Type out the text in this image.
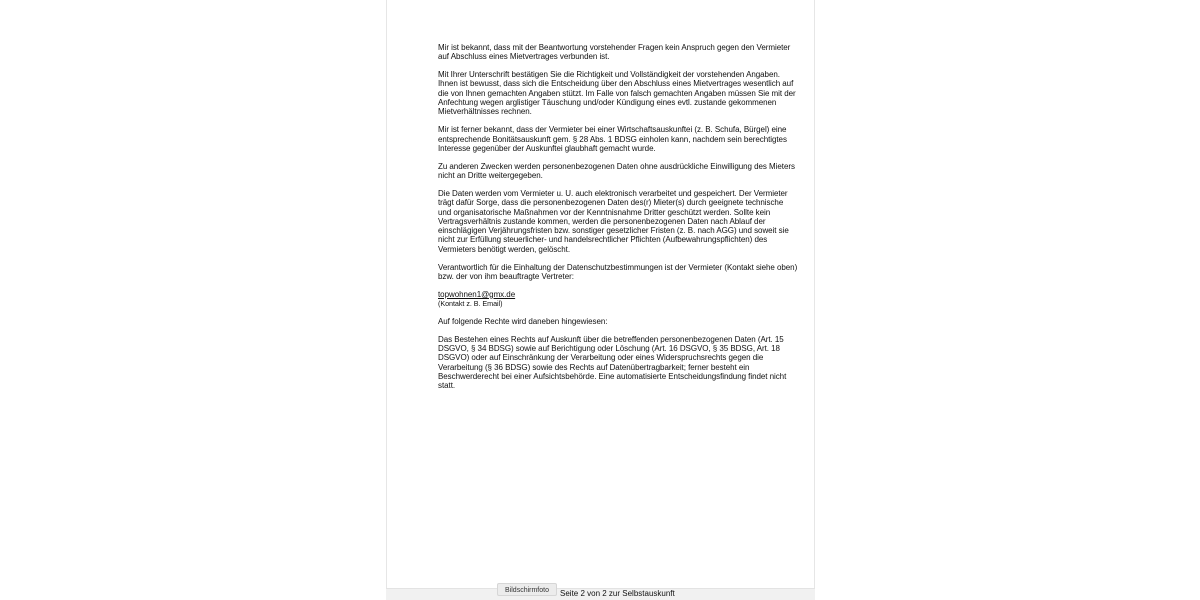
Mir ist bekannt, dass mit der Beantwortung vorstehender Fragen kein Anspruch gegen den Vermieter auf Abschluss eines Mietvertrages verbunden ist.

Mit Ihrer Unterschrift bestätigen Sie die Richtigkeit und Vollständigkeit der vorstehenden Angaben. Ihnen ist bewusst, dass sich die Entscheidung über den Abschluss eines Mietvertrages wesentlich auf die von Ihnen gemachten Angaben stützt. Im Falle von falsch gemachten Angaben müssen Sie mit der Anfechtung wegen arglistiger Täuschung und/oder Kündigung eines evtl. zustande gekommenen Mietverhältnisses rechnen.

Mir ist ferner bekannt, dass der Vermieter bei einer Wirtschaftsauskunftei (z. B. Schufa, Bürgel) eine entsprechende Bonitätsauskunft gem. § 28 Abs. 1 BDSG einholen kann, nachdem sein berechtigtes Interesse gegenüber der Auskunftei glaubhaft gemacht wurde.

Zu anderen Zwecken werden personenbezogenen Daten ohne ausdrückliche Einwilligung des Mieters nicht an Dritte weitergegeben.

Die Daten werden vom Vermieter u. U. auch elektronisch verarbeitet und gespeichert. Der Vermieter trägt dafür Sorge, dass die personenbezogenen Daten des(r) Mieter(s) durch geeignete technische und organisatorische Maßnahmen vor der Kenntnisnahme Dritter geschützt werden. Sollte kein Vertragsverhältnis zustande kommen, werden die personenbezogenen Daten nach Ablauf der einschlägigen Verjährungsfristen bzw. sonstiger gesetzlicher Fristen (z. B. nach AGG) und soweit sie nicht zur Erfüllung steuerlicher- und handelsrechtlicher Pflichten (Aufbewahrungspflichten) des Vermieters benötigt werden, gelöscht.

Verantwortlich für die Einhaltung der Datenschutzbestimmungen ist der Vermieter (Kontakt siehe oben) bzw. der von ihm beauftragte Vertreter:

topwohnen1@gmx.de
(Kontakt z. B. Email)

Auf folgende Rechte wird daneben hingewiesen:

Das Bestehen eines Rechts auf Auskunft über die betreffenden personenbezogenen Daten (Art. 15 DSGVO, § 34 BDSG) sowie auf Berichtigung oder Löschung (Art. 16 DSGVO, § 35 BDSG, Art. 18 DSGVO) oder auf Einschränkung der Verarbeitung oder eines Widerspruchsrechts gegen die Verarbeitung (§ 36 BDSG) sowie des Rechts auf Datenübertragbarkeit; ferner besteht ein Beschwerderecht bei einer Aufsichtsbehörde. Eine automatisierte Entscheidungsfindung findet nicht statt.

Bildschirmfoto	Seite 2 von 2 zur Selbstauskunft
